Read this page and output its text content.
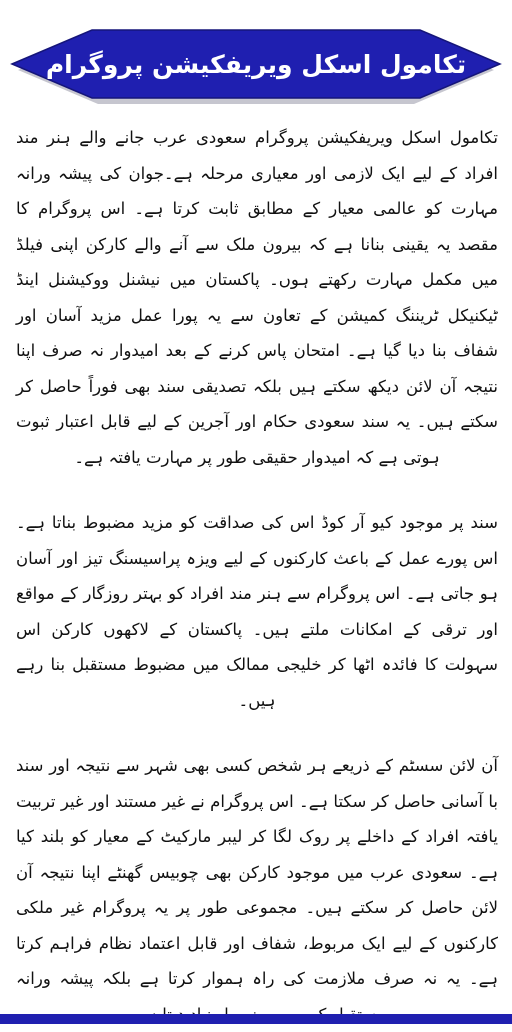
تکامول اسکل ویریفکیشن پروگرام

تکامول اسکل ویریفکیشن پروگرام سعودی عرب جانے والے ہنر مند افراد کے لیے ایک لازمی اور معیاری مرحلہ ہے۔جوان کی پیشہ ورانہ مہارت کو عالمی معیار کے مطابق ثابت کرتا ہے۔ اس پروگرام کا مقصد یہ یقینی بنانا ہے کہ بیرون ملک سے آنے والے کارکن اپنی فیلڈ میں مکمل مہارت رکھتے ہوں۔ پاکستان میں نیشنل ووکیشنل اینڈ ٹیکنیکل ٹریننگ کمیشن کے تعاون سے یہ پورا عمل مزید آسان اور شفاف بنا دیا گیا ہے۔ امتحان پاس کرنے کے بعد امیدوار نہ صرف اپنا نتیجہ آن لائن دیکھ سکتے ہیں بلکہ تصدیقی سند بھی فوراً حاصل کر سکتے ہیں۔ یہ سند سعودی حکام اور آجرین کے لیے قابل اعتبار ثبوت ہوتی ہے کہ امیدوار حقیقی طور پر مہارت یافتہ ہے۔

سند پر موجود کیو آر کوڈ اس کی صداقت کو مزید مضبوط بناتا ہے۔ اس پورے عمل کے باعث کارکنوں کے لیے ویزہ پراسیسنگ تیز اور آسان ہو جاتی ہے۔ اس پروگرام سے ہنر مند افراد کو بہتر روزگار کے مواقع اور ترقی کے امکانات ملتے ہیں۔ پاکستان کے لاکھوں کارکن اس سہولت کا فائدہ اٹھا کر خلیجی ممالک میں مضبوط مستقبل بنا رہے ہیں۔

آن لائن سسٹم کے ذریعے ہر شخص کسی بھی شہر سے نتیجہ اور سند با آسانی حاصل کر سکتا ہے۔ اس پروگرام نے غیر مستند اور غیر تربیت یافتہ افراد کے داخلے پر روک لگا کر لیبر مارکیٹ کے معیار کو بلند کیا ہے۔ سعودی عرب میں موجود کارکن بھی چوبیس گھنٹے اپنا نتیجہ آن لائن حاصل کر سکتے ہیں۔ مجموعی طور پر یہ پروگرام غیر ملکی کارکنوں کے لیے ایک مربوط، شفاف اور قابل اعتماد نظام فراہم کرتا ہے۔ یہ نہ صرف ملازمت کی راہ ہموار کرتا ہے بلکہ پیشہ ورانہ
